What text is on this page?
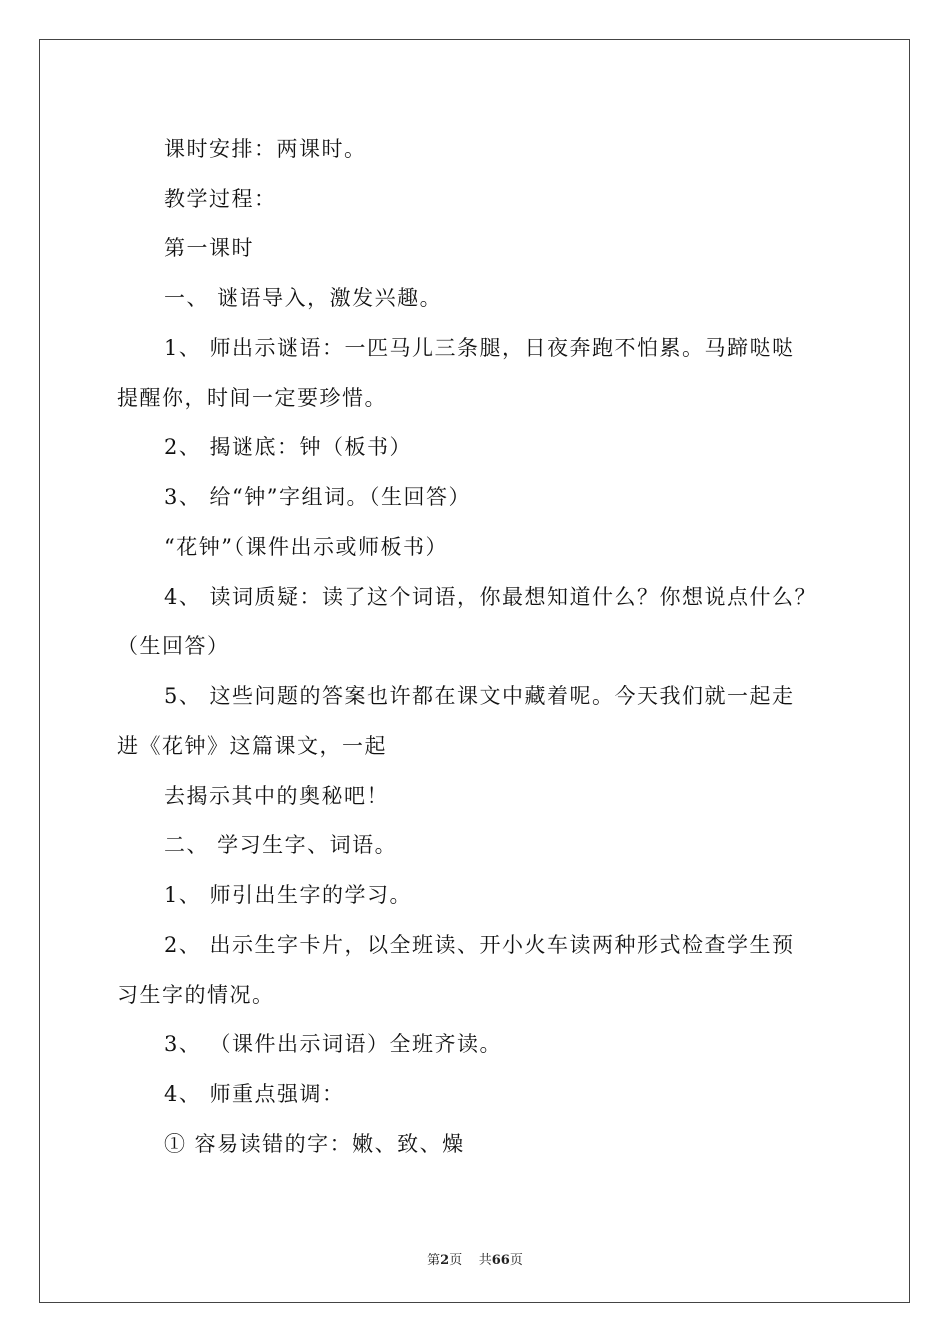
课时安排：两课时。
教学过程：
第一课时
一、 谜语导入，激发兴趣。
1、 师出示谜语：一匹马儿三条腿，日夜奔跑不怕累。马蹄哒哒
提醒你，时间一定要珍惜。
2、 揭谜底：钟（板书）
3、 给“钟”字组词。（生回答）
“花钟”（课件出示或师板书）
4、 读词质疑：读了这个词语，你最想知道什么？你想说点什么？
（生回答）
5、 这些问题的答案也许都在课文中藏着呢。今天我们就一起走
进《花钟》这篇课文，一起
去揭示其中的奥秘吧！
二、 学习生字、词语。
1、 师引出生字的学习。
2、 出示生字卡片，以全班读、开小火车读两种形式检查学生预
习生字的情况。
3、 （课件出示词语）全班齐读。
4、 师重点强调：
① 容易读错的字：嫩、致、燥
第2页 共66页
